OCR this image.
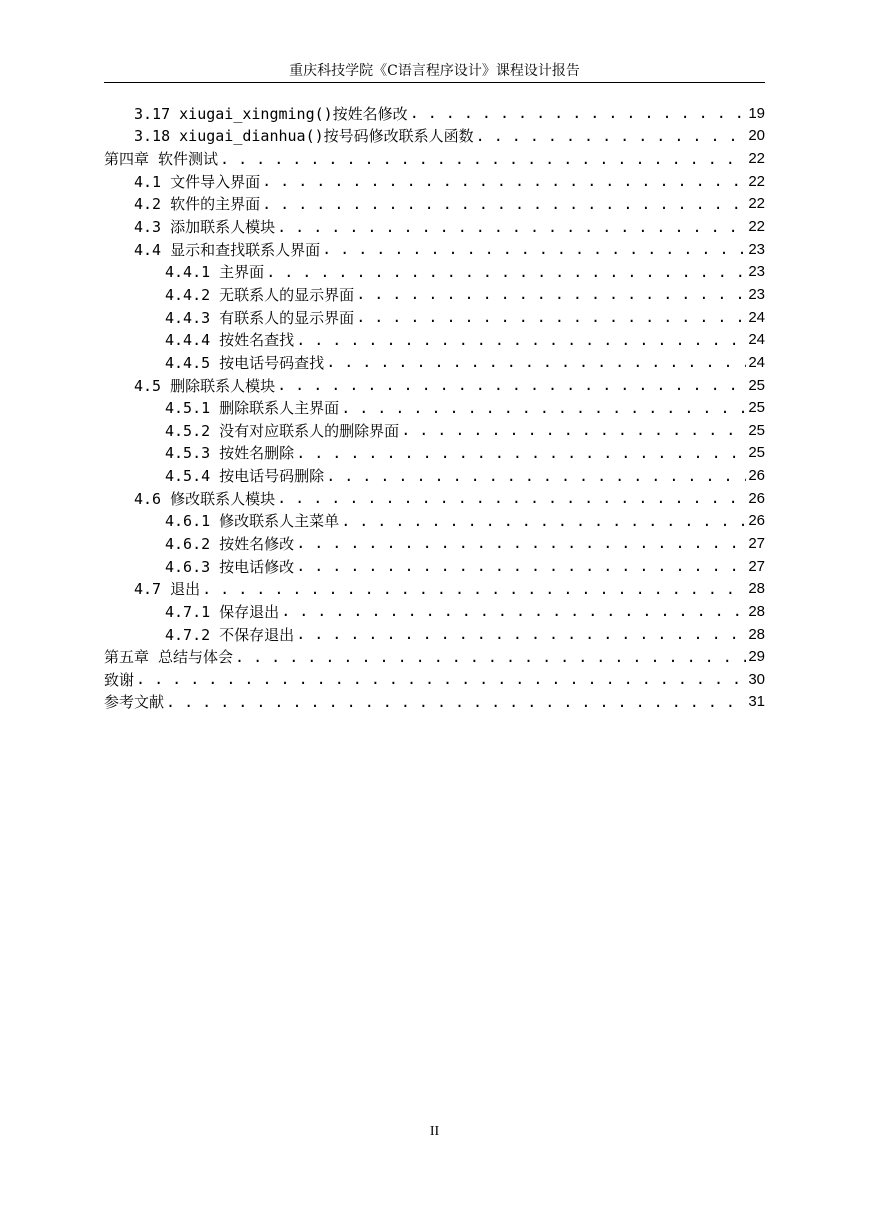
重庆科技学院《C语言程序设计》课程设计报告
3.17 xiugai_xingming()按姓名修改 . . .	19
3.18 xiugai_dianhua()按号码修改联系人函数 . . .	20
第四章 软件测试 . . .	22
4.1 文件导入界面 . . .	22
4.2 软件的主界面 . . .	22
4.3 添加联系人模块 . . .	22
4.4 显示和查找联系人界面 . . .	23
4.4.1 主界面 . . .	23
4.4.2 无联系人的显示界面 . . .	23
4.4.3 有联系人的显示界面 . . .	24
4.4.4 按姓名查找 . . .	24
4.4.5 按电话号码查找 . . .	24
4.5 删除联系人模块 . . .	25
4.5.1 删除联系人主界面 . . .	25
4.5.2 没有对应联系人的删除界面 . . .	25
4.5.3 按姓名删除 . . .	25
4.5.4 按电话号码删除 . . .	26
4.6 修改联系人模块 . . .	26
4.6.1 修改联系人主菜单 . . .	26
4.6.2 按姓名修改 . . .	27
4.6.3 按电话修改 . . .	27
4.7 退出 . . .	28
4.7.1 保存退出 . . .	28
4.7.2 不保存退出 . . .	28
第五章 总结与体会 . . .	29
致谢 . . .	30
参考文献 . . .	31
II
